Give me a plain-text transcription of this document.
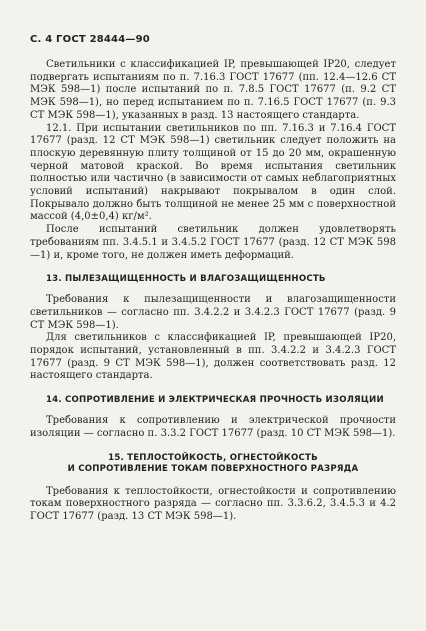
С. 4 ГОСТ 28444—90

Светильники с классификацией IP, превышающей IP20, следует подвергать испытаниям по п. 7.16.3 ГОСТ 17677 (пп. 12.4—12.6 СТ МЭК 598—1) после испытаний по п. 7.8.5 ГОСТ 17677 (п. 9.2 СТ МЭК 598—1), но перед испытанием по п. 7.16.5 ГОСТ 17677 (п. 9.3 СТ МЭК 598—1), указанных в разд. 13 настоящего стандарта.

12.1. При испытании светильников по пп. 7.16.3 и 7.16.4 ГОСТ 17677 (разд. 12 СТ МЭК 598—1) светильник следует положить на плоскую деревянную плиту толщиной от 15 до 20 мм, окрашенную черной матовой краской. Во время испытания светильник полностью или частично (в зависимости от самых неблагоприятных условий испытаний) накрывают покрывалом в один слой. Покрывало должно быть толщиной не менее 25 мм с поверхностной массой (4,0±0,4) кг/м².

После испытаний светильник должен удовлетворять требованиям пп. 3.4.5.1 и 3.4.5.2 ГОСТ 17677 (разд. 12 СТ МЭК 598—1) и, кроме того, не должен иметь деформаций.

13. ПЫЛЕЗАЩИЩЕННОСТЬ И ВЛАГОЗАЩИЩЕННОСТЬ

Требования к пылезащищенности и влагозащищенности светильников — согласно пп. 3.4.2.2 и 3.4.2.3 ГОСТ 17677 (разд. 9 СТ МЭК 598—1).

Для светильников с классификацией IP, превышающей IP20, порядок испытаний, установленный в пп. 3.4.2.2 и 3.4.2.3 ГОСТ 17677 (разд. 9 СТ МЭК 598—1), должен соответствовать разд. 12 настоящего стандарта.

14. СОПРОТИВЛЕНИЕ И ЭЛЕКТРИЧЕСКАЯ ПРОЧНОСТЬ ИЗОЛЯЦИИ

Требования к сопротивлению и электрической прочности изоляции — согласно п. 3.3.2 ГОСТ 17677 (разд. 10 СТ МЭК 598—1).

15. ТЕПЛОСТОЙКОСТЬ, ОГНЕСТОЙКОСТЬ
И СОПРОТИВЛЕНИЕ ТОКАМ ПОВЕРХНОСТНОГО РАЗРЯДА

Требования к теплостойкости, огнестойкости и сопротивлению токам поверхностного разряда — согласно пп. 3.3.6.2, 3.4.5.3 и 4.2 ГОСТ 17677 (разд. 13 СТ МЭК 598—1).
